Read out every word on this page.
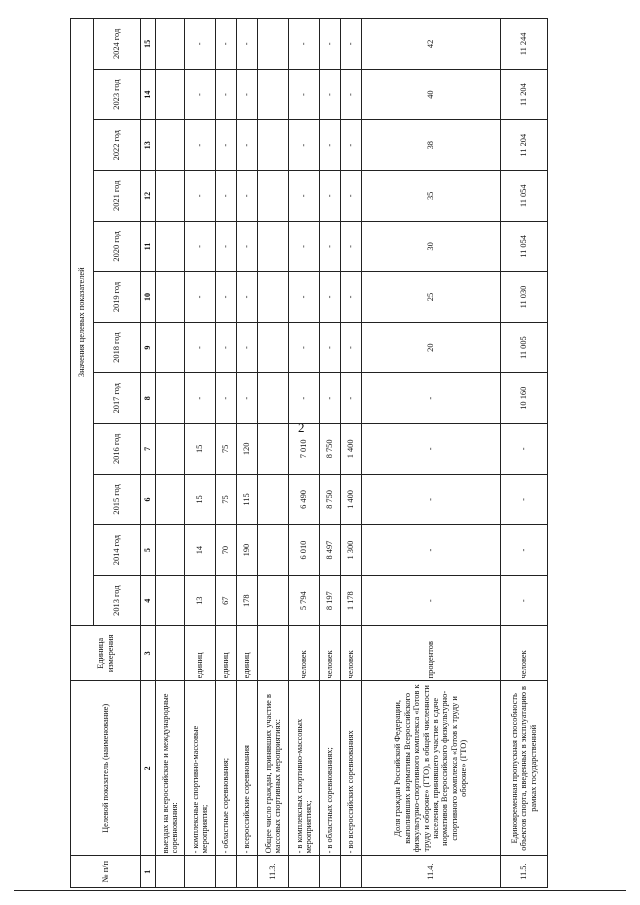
2
№ п/п	Целевой показатель (наименование)	Единица измерения	Значения целевых показателей											
			2013 год	2014 год	2015 год	2016 год	2017 год	2018 год	2019 год	2020 год	2021 год	2022 год	2023 год	2024 год
1	2	3	4	5	6	7	8	9	10	11	12	13	14	15
	выездах на всероссийские и международные соревнования:													
	- комплексные спортивно-массовые мероприятия;	единиц	13	14	15	15	-	-	-	-	-	-	-	-
	- областные соревнования;	единиц	67	70	75	75	-	-	-	-	-	-	-	-
	- всероссийские соревнования	единиц	178	190	115	120	-	-	-	-	-	-	-	-
11.3.	Общее число граждан, принявших участие в массовых спортивных мероприятиях:													
	- в комплексных спортивно-массовых мероприятиях;	человек	5 794	6 010	6 490	7 010	-	-	-	-	-	-	-	-
	- в областных соревнованиях;	человек	8 197	8 497	8 750	8 750	-	-	-	-	-	-	-	-
	- во всероссийских соревнованиях	человек	1 178	1 300	1 400	1 400	-	-	-	-	-	-	-	-
11.4.	Доля граждан Российской Федерации, выполнивших нормативы Всероссийского физкультурно-спортивного комплекса «Готов к труду и обороне» (ГТО), в общей численности населения, принявшего участие в сдаче нормативов Всероссийского физкультурно-спортивного комплекса «Готов к труду и обороне» (ГТО)	процентов	-	-	-	-	-	20	25	30	35	38	40	42
11.5.	Единовременная пропускная способность объектов спорта, введенных в эксплуатацию в рамках государственной	человек	-	-	-	-	10 160	11 005	11 030	11 054	11 054	11 204	11 204	11 244
